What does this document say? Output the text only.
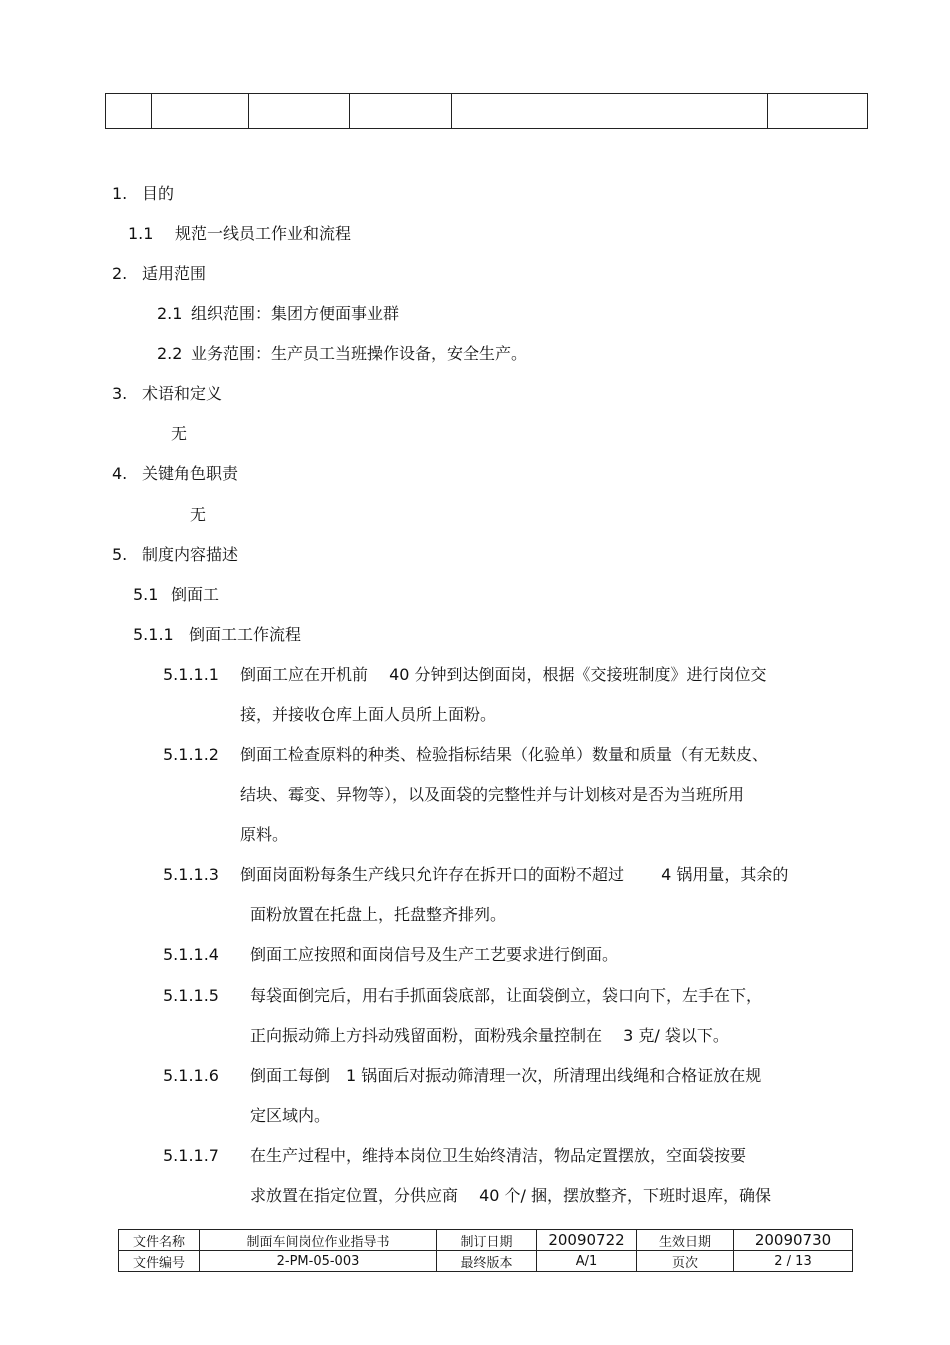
1. 目的
1.1 规范一线员工作业和流程
2. 适用范围
2.1 组织范围：集团方便面事业群
2.2 业务范围：生产员工当班操作设备，安全生产。
3. 术语和定义
无
4. 关键角色职责
无
5. 制度内容描述
5.1 倒面工
5.1.1 倒面工工作流程
5.1.1.1 倒面工应在开机前　 40 分钟到达倒面岗，根据《交接班制度》进行岗位交
接，并接收仓库上面人员所上面粉。
5.1.1.2 倒面工检查原料的种类、检验指标结果（化验单）数量和质量（有无麸皮、
结块、霉变、异物等），以及面袋的完整性并与计划核对是否为当班所用
原料。
5.1.1.3 倒面岗面粉每条生产线只允许存在拆开口的面粉不超过　　 4 锅用量，其余的
面粉放置在托盘上，托盘整齐排列。
5.1.1.4 倒面工应按照和面岗信号及生产工艺要求进行倒面。
5.1.1.5 每袋面倒完后，用右手抓面袋底部，让面袋倒立，袋口向下，左手在下，
正向振动筛上方抖动残留面粉，面粉残余量控制在　 3 克/ 袋以下。
5.1.1.6 倒面工每倒　1 锅面后对振动筛清理一次，所清理出线绳和合格证放在规
定区域内。
5.1.1.7 在生产过程中，维持本岗位卫生始终清洁，物品定置摆放，空面袋按要
求放置在指定位置，分供应商　 40 个/ 捆，摆放整齐，下班时退库，确保
文件名称	制面车间岗位作业指导书	制订日期	20090722	生效日期	20090730
文件编号	2-PM-05-003	最终版本	A/1	页次	2 / 13
